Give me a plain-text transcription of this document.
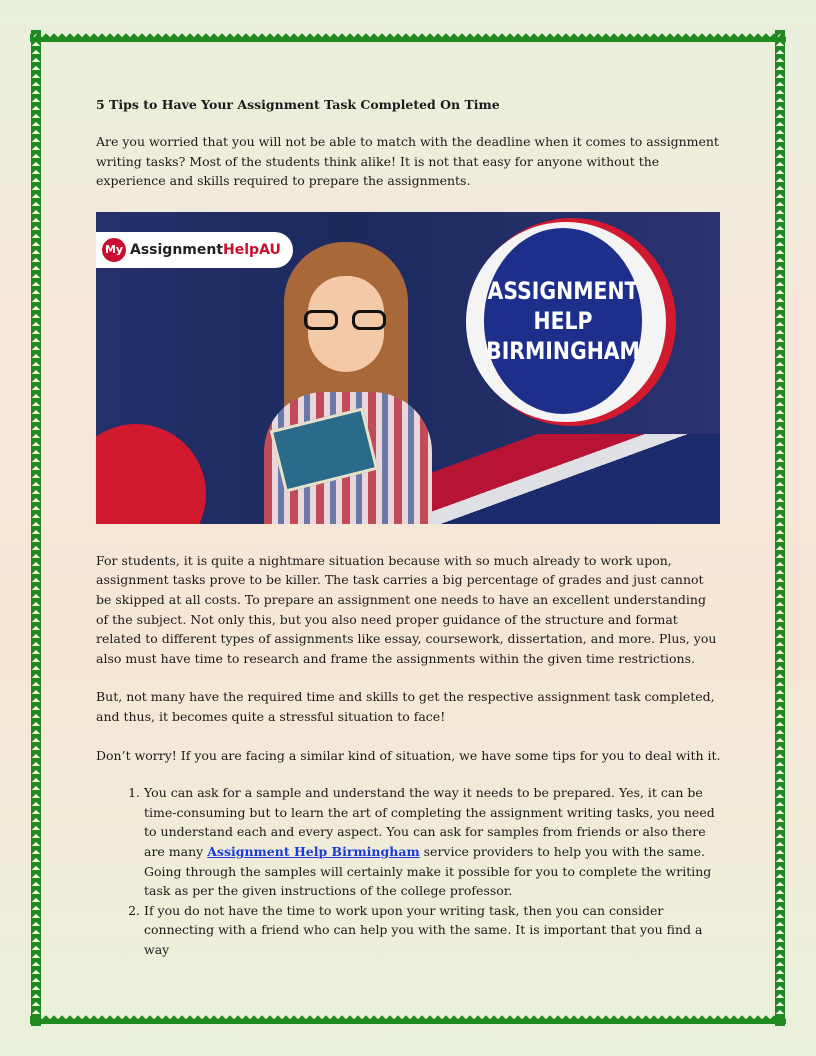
5 Tips to Have Your Assignment Task Completed On Time

Are you worried that you will not be able to match with the deadline when it comes to assignment writing tasks? Most of the students think alike! It is not that easy for anyone without the experience and skills required to prepare the assignments.

My Assignment HelpAU
ASSIGNMENT
HELP
BIRMINGHAM

For students, it is quite a nightmare situation because with so much already to work upon, assignment tasks prove to be killer. The task carries a big percentage of grades and just cannot be skipped at all costs. To prepare an assignment one needs to have an excellent understanding of the subject. Not only this, but you also need proper guidance of the structure and format related to different types of assignments like essay, coursework, dissertation, and more. Plus, you also must have time to research and frame the assignments within the given time restrictions.

But, not many have the required time and skills to get the respective assignment task completed, and thus, it becomes quite a stressful situation to face!

Don’t worry! If you are facing a similar kind of situation, we have some tips for you to deal with it.

1. You can ask for a sample and understand the way it needs to be prepared. Yes, it can be time-consuming but to learn the art of completing the assignment writing tasks, you need to understand each and every aspect. You can ask for samples from friends or also there are many Assignment Help Birmingham service providers to help you with the same. Going through the samples will certainly make it possible for you to complete the writing task as per the given instructions of the college professor.
2. If you do not have the time to work upon your writing task, then you can consider connecting with a friend who can help you with the same. It is important that you find a way
